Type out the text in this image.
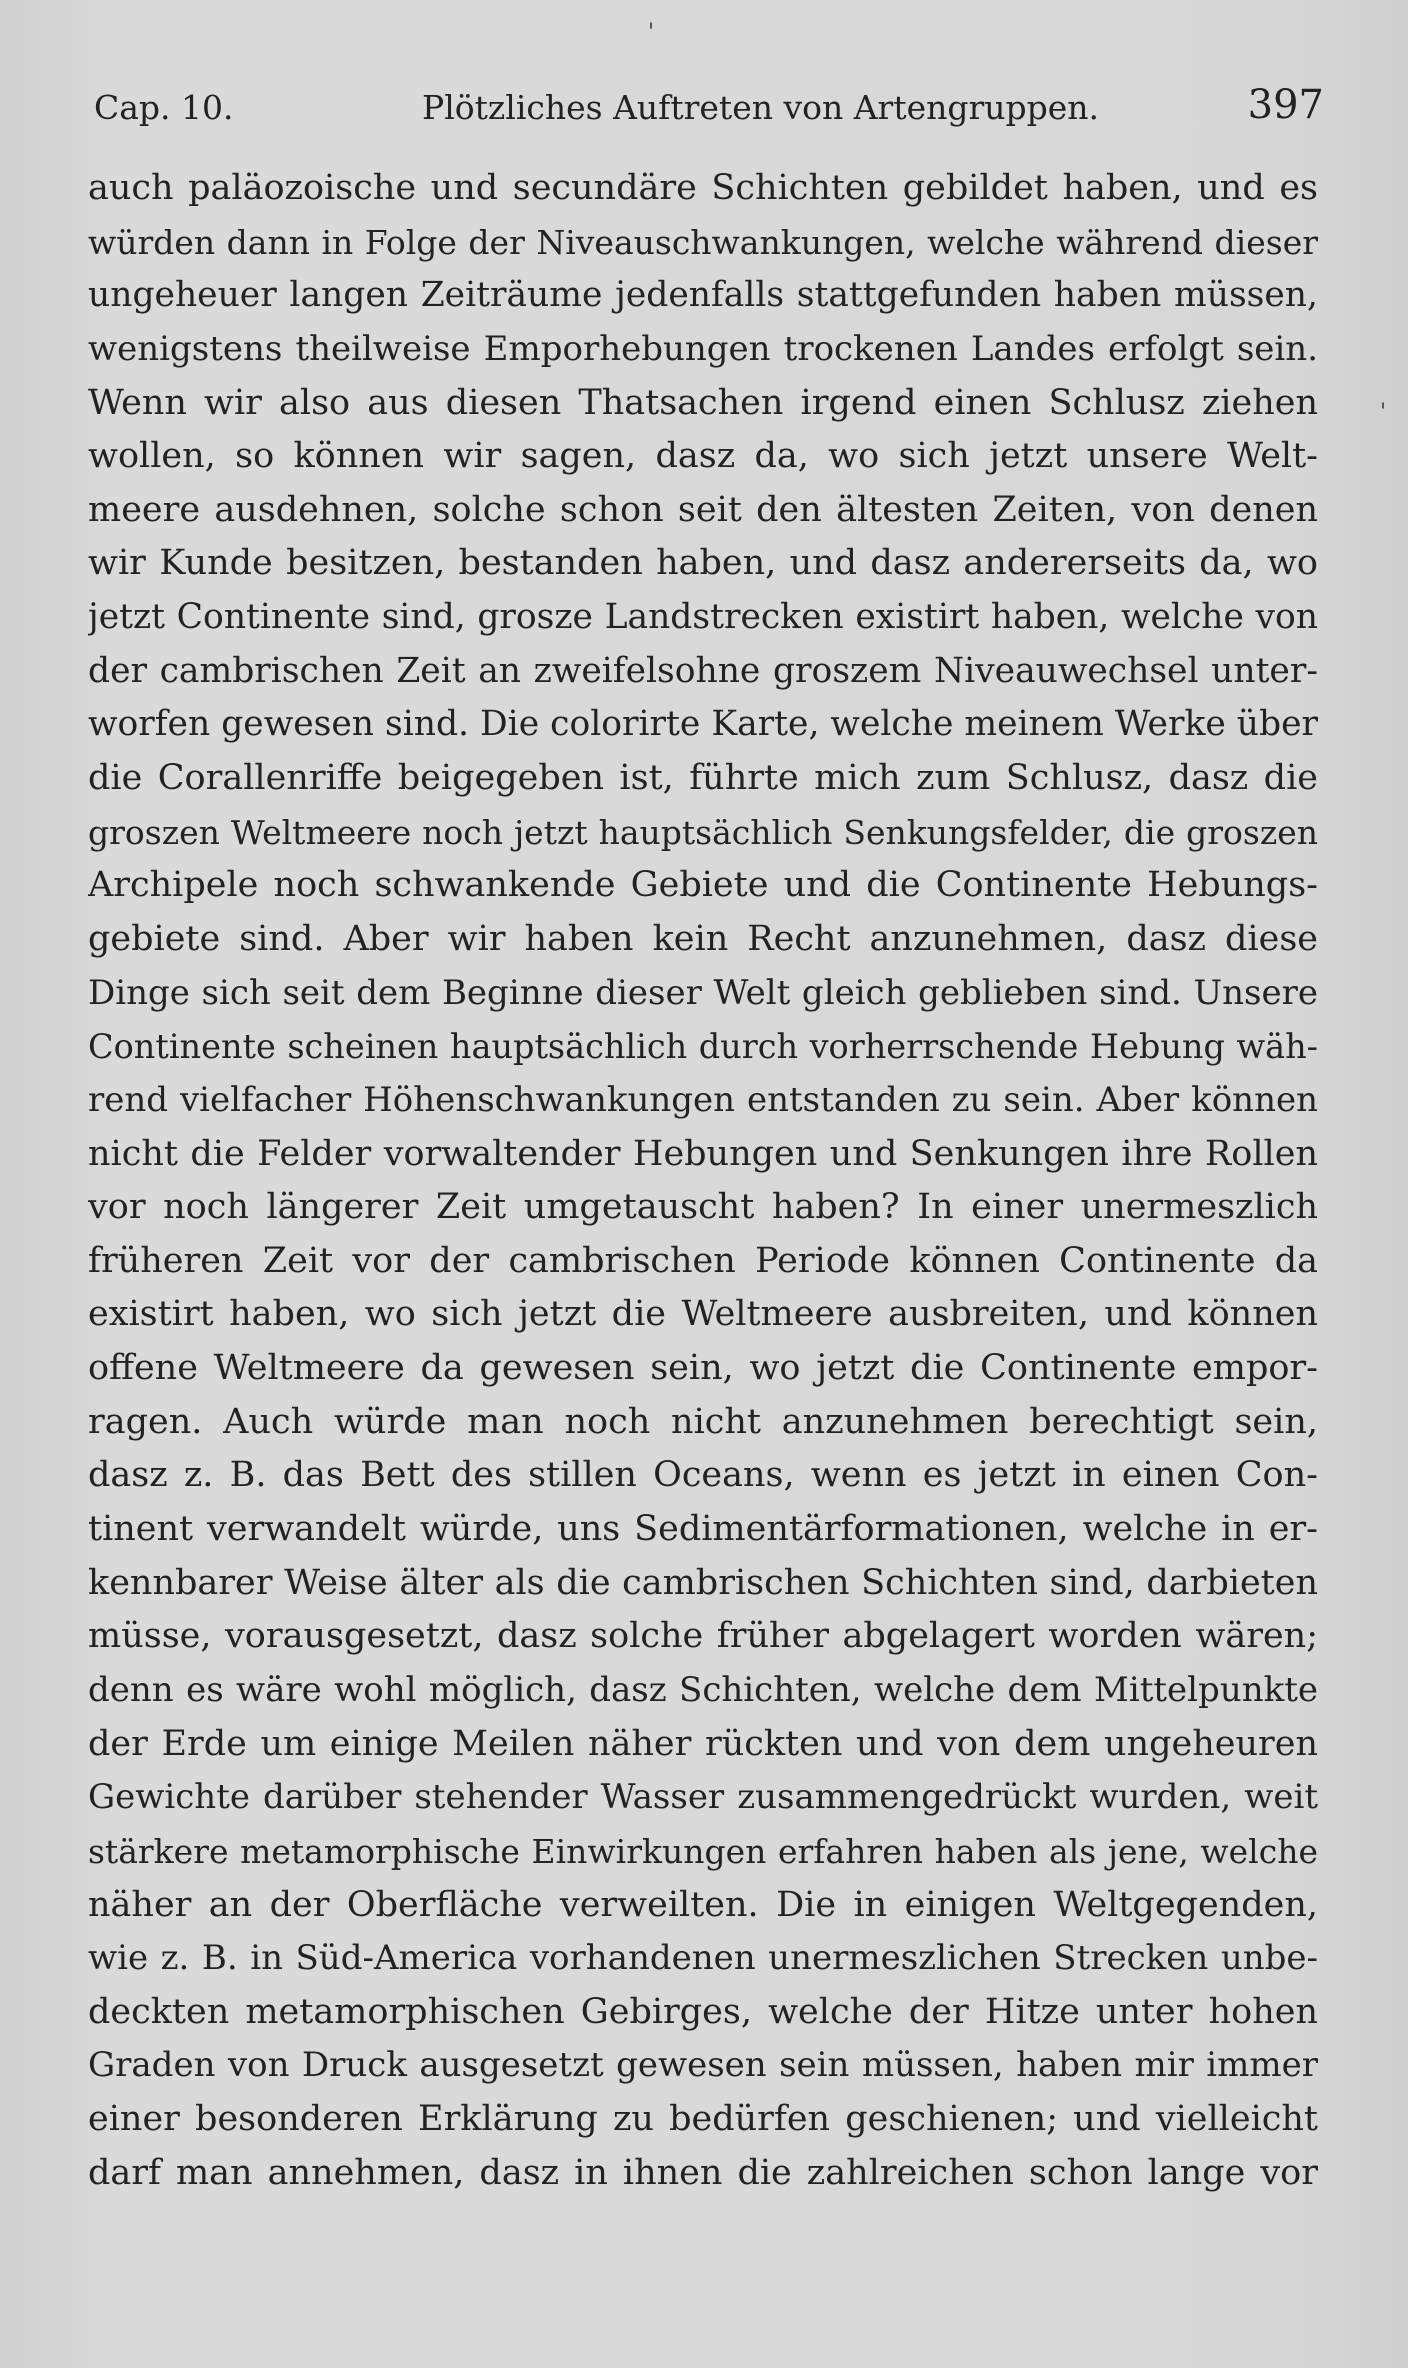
Cap. 10.	Plötzliches Auftreten von Artengruppen.	397
auch paläozoische und secundäre Schichten gebildet haben, und es
würden dann in Folge der Niveauschwankungen, welche während dieser
ungeheuer langen Zeiträume jedenfalls stattgefunden haben müssen,
wenigstens theilweise Emporhebungen trockenen Landes erfolgt sein.
Wenn wir also aus diesen Thatsachen irgend einen Schlusz ziehen
wollen, so können wir sagen, dasz da, wo sich jetzt unsere Welt-
meere ausdehnen, solche schon seit den ältesten Zeiten, von denen
wir Kunde besitzen, bestanden haben, und dasz andererseits da, wo
jetzt Continente sind, grosze Landstrecken existirt haben, welche von
der cambrischen Zeit an zweifelsohne groszem Niveauwechsel unter-
worfen gewesen sind. Die colorirte Karte, welche meinem Werke über
die Corallenriffe beigegeben ist, führte mich zum Schlusz, dasz die
groszen Weltmeere noch jetzt hauptsächlich Senkungsfelder, die groszen
Archipele noch schwankende Gebiete und die Continente Hebungs-
gebiete sind. Aber wir haben kein Recht anzunehmen, dasz diese
Dinge sich seit dem Beginne dieser Welt gleich geblieben sind. Unsere
Continente scheinen hauptsächlich durch vorherrschende Hebung wäh-
rend vielfacher Höhenschwankungen entstanden zu sein. Aber können
nicht die Felder vorwaltender Hebungen und Senkungen ihre Rollen
vor noch längerer Zeit umgetauscht haben? In einer unermeszlich
früheren Zeit vor der cambrischen Periode können Continente da
existirt haben, wo sich jetzt die Weltmeere ausbreiten, und können
offene Weltmeere da gewesen sein, wo jetzt die Continente empor-
ragen. Auch würde man noch nicht anzunehmen berechtigt sein,
dasz z. B. das Bett des stillen Oceans, wenn es jetzt in einen Con-
tinent verwandelt würde, uns Sedimentärformationen, welche in er-
kennbarer Weise älter als die cambrischen Schichten sind, darbieten
müsse, vorausgesetzt, dasz solche früher abgelagert worden wären;
denn es wäre wohl möglich, dasz Schichten, welche dem Mittelpunkte
der Erde um einige Meilen näher rückten und von dem ungeheuren
Gewichte darüber stehender Wasser zusammengedrückt wurden, weit
stärkere metamorphische Einwirkungen erfahren haben als jene, welche
näher an der Oberfläche verweilten. Die in einigen Weltgegenden,
wie z. B. in Süd-America vorhandenen unermeszlichen Strecken unbe-
deckten metamorphischen Gebirges, welche der Hitze unter hohen
Graden von Druck ausgesetzt gewesen sein müssen, haben mir immer
einer besonderen Erklärung zu bedürfen geschienen; und vielleicht
darf man annehmen, dasz in ihnen die zahlreichen schon lange vor
'
'
